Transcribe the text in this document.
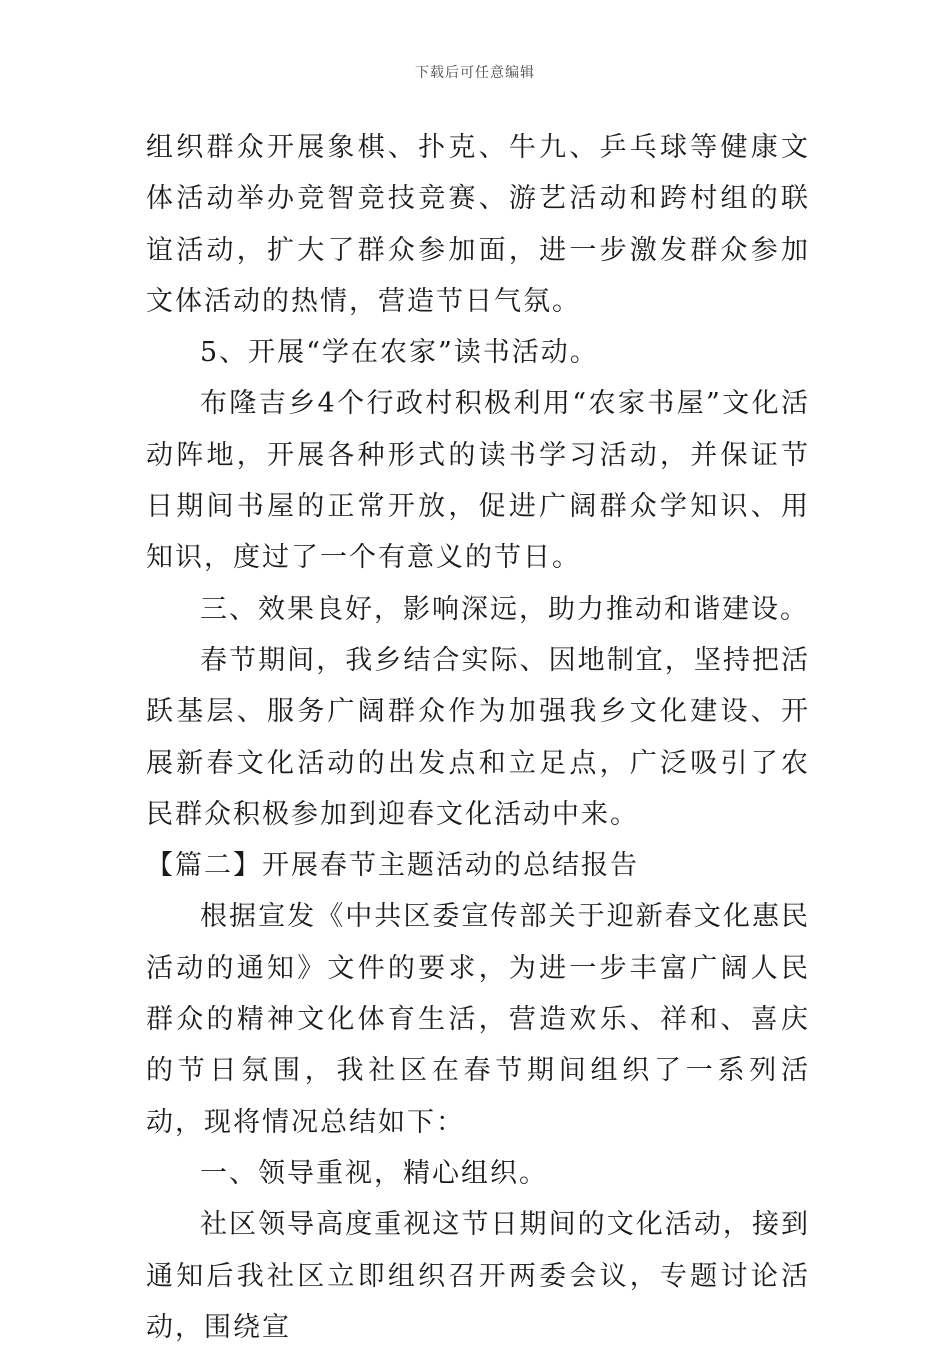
下载后可任意编辑

组织群众开展象棋、扑克、牛九、乒乓球等健康文体活动举办竞智竞技竞赛、游艺活动和跨村组的联谊活动，扩大了群众参加面，进一步激发群众参加文体活动的热情，营造节日气氛。

5、开展“学在农家”读书活动。

布隆吉乡4个行政村积极利用“农家书屋”文化活动阵地，开展各种形式的读书学习活动，并保证节日期间书屋的正常开放，促进广阔群众学知识、用知识，度过了一个有意义的节日。

三、效果良好，影响深远，助力推动和谐建设。

春节期间，我乡结合实际、因地制宜，坚持把活跃基层、服务广阔群众作为加强我乡文化建设、开展新春文化活动的出发点和立足点，广泛吸引了农民群众积极参加到迎春文化活动中来。

【篇二】开展春节主题活动的总结报告

根据宣发《中共区委宣传部关于迎新春文化惠民活动的通知》文件的要求，为进一步丰富广阔人民群众的精神文化体育生活，营造欢乐、祥和、喜庆的节日氛围，我社区在春节期间组织了一系列活动，现将情况总结如下：

一、领导重视，精心组织。

社区领导高度重视这节日期间的文化活动，接到通知后我社区立即组织召开两委会议，专题讨论活动，围绕宣
